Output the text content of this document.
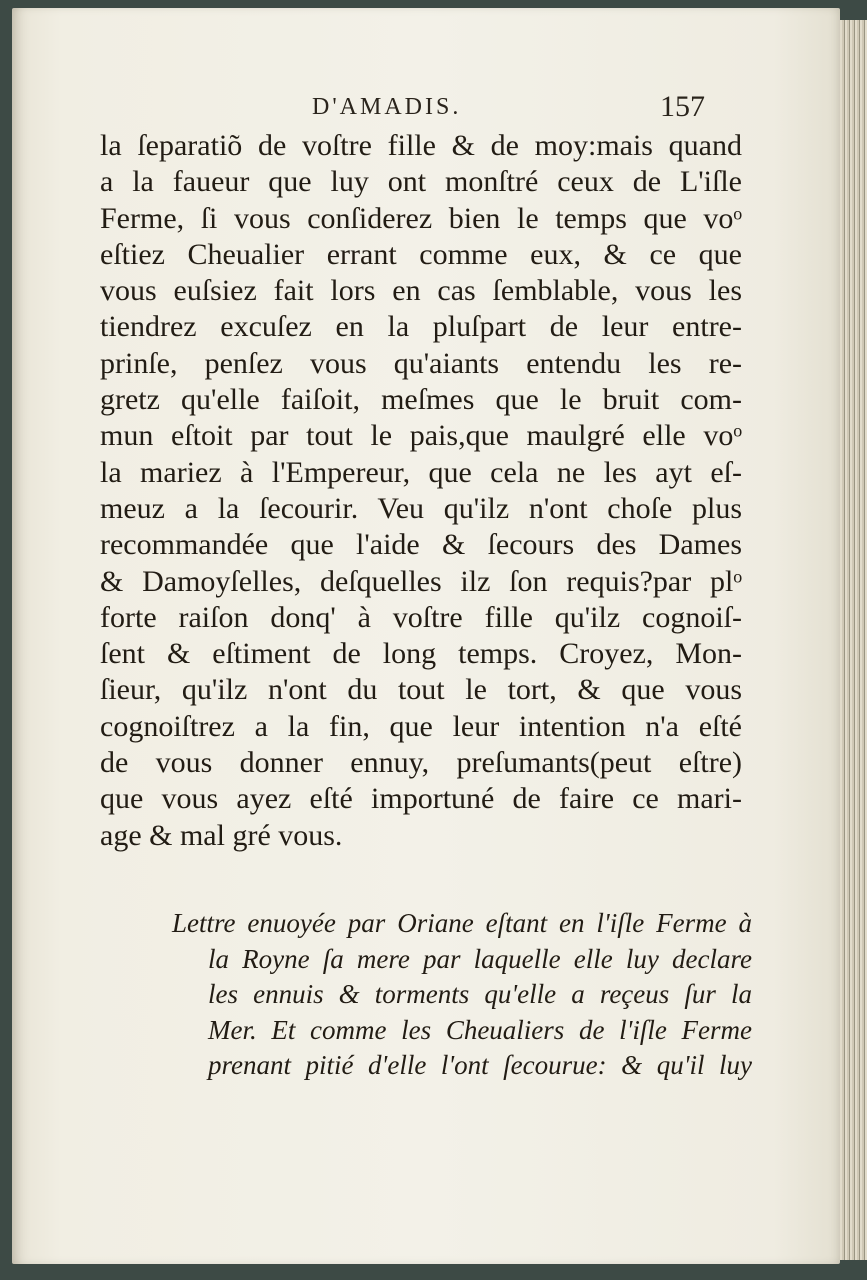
D'AMADIS.	157
la ſeparatiõ de voſtre fille & de moy:mais quand
a la faueur que luy ont monſtré ceux de L'iſle
Ferme, ſi vous conſiderez bien le temps que voᵒ
eſtiez Cheualier errant comme eux, & ce que
vous euſsiez fait lors en cas ſemblable, vous les
tiendrez excuſez en la pluſpart de leur entre-
prinſe, penſez vous qu'aiants entendu les re-
gretz qu'elle faiſoit, meſmes que le bruit com-
mun eſtoit par tout le pais,que maulgré elle voᵒ
la mariez à l'Empereur, que cela ne les ayt eſ-
meuz a la ſecourir. Veu qu'ilz n'ont choſe plus
recommandée que l'aide & ſecours des Dames
& Damoyſelles, deſquelles ilz ſon requis?par plᵒ
forte raiſon donq' à voſtre fille qu'ilz cognoiſ-
ſent & eſtiment de long temps. Croyez, Mon-
ſieur, qu'ilz n'ont du tout le tort, & que vous
cognoiſtrez a la fin, que leur intention n'a eſté
de vous donner ennuy, preſumants(peut eſtre)
que vous ayez eſté importuné de faire ce mari-
age & mal gré vous.
Lettre enuoyée par Oriane eſtant en l'iſle Ferme à
la Royne ſa mere par laquelle elle luy declare
les ennuis & torments qu'elle a reçeus ſur la
Mer. Et comme les Cheualiers de l'iſle Ferme
prenant pitié d'elle l'ont ſecourue: & qu'il luy
